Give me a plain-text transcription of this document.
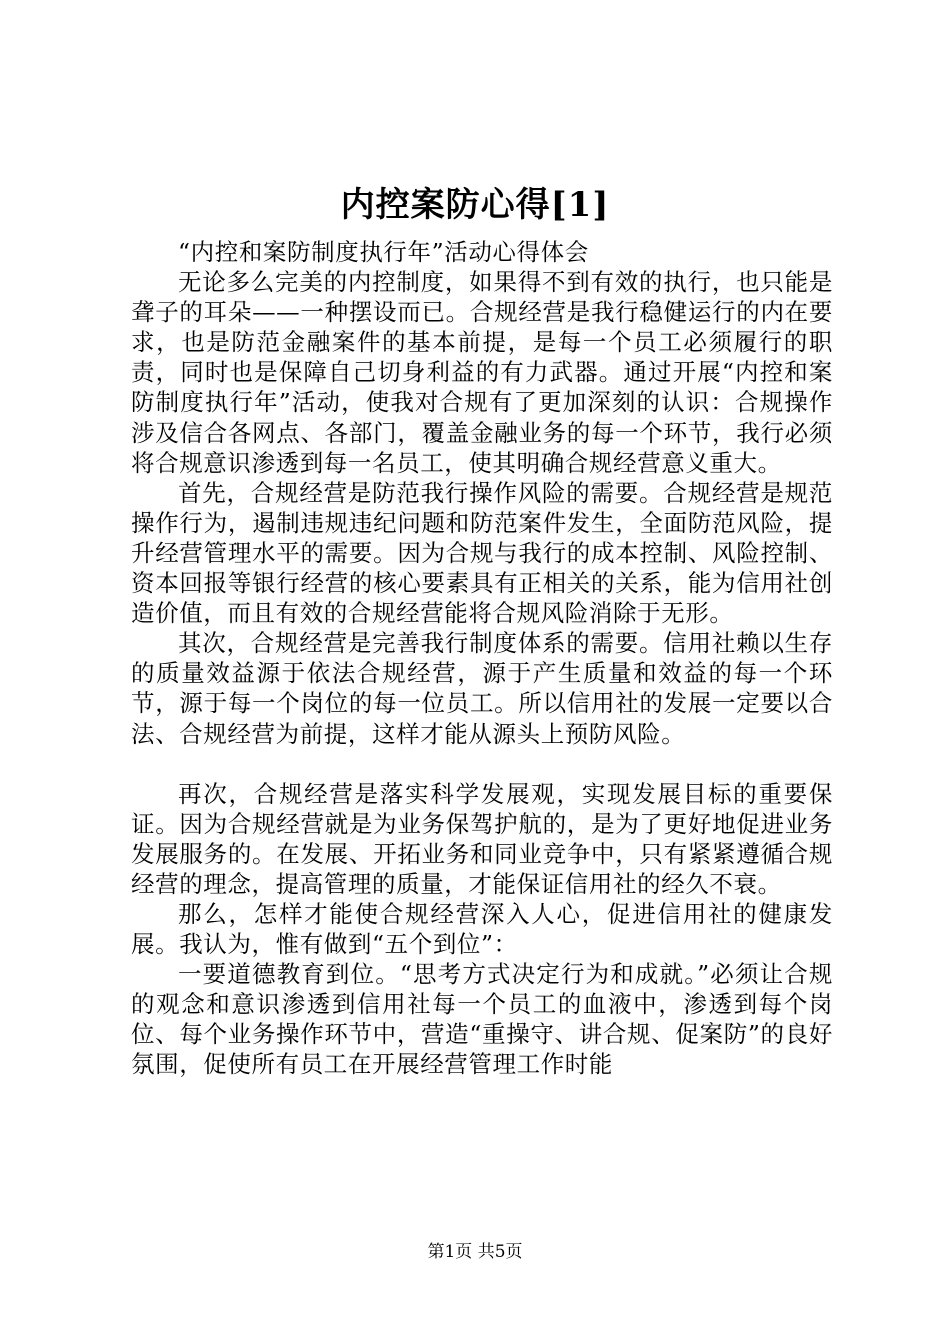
内控案防心得[1]

“内控和案防制度执行年”活动心得体会

无论多么完美的内控制度，如果得不到有效的执行，也只能是聋子的耳朵——一种摆设而已。合规经营是我行稳健运行的内在要求，也是防范金融案件的基本前提，是每一个员工必须履行的职责，同时也是保障自己切身利益的有力武器。通过开展“内控和案防制度执行年”活动，使我对合规有了更加深刻的认识：合规操作涉及信合各网点、各部门，覆盖金融业务的每一个环节，我行必须将合规意识渗透到每一名员工，使其明确合规经营意义重大。

首先，合规经营是防范我行操作风险的需要。合规经营是规范操作行为，遏制违规违纪问题和防范案件发生，全面防范风险，提升经营管理水平的需要。因为合规与我行的成本控制、风险控制、资本回报等银行经营的核心要素具有正相关的关系，能为信用社创造价值，而且有效的合规经营能将合规风险消除于无形。

其次，合规经营是完善我行制度体系的需要。信用社赖以生存的质量效益源于依法合规经营，源于产生质量和效益的每一个环节，源于每一个岗位的每一位员工。所以信用社的发展一定要以合法、合规经营为前提，这样才能从源头上预防风险。

再次，合规经营是落实科学发展观，实现发展目标的重要保证。因为合规经营就是为业务保驾护航的，是为了更好地促进业务发展服务的。在发展、开拓业务和同业竞争中，只有紧紧遵循合规经营的理念，提高管理的质量，才能保证信用社的经久不衰。

那么，怎样才能使合规经营深入人心，促进信用社的健康发展。我认为，惟有做到“五个到位”：

一要道德教育到位。“思考方式决定行为和成就。”必须让合规的观念和意识渗透到信用社每一个员工的血液中，渗透到每个岗位、每个业务操作环节中，营造“重操守、讲合规、促案防”的良好氛围，促使所有员工在开展经营管理工作时能

第1页 共5页
